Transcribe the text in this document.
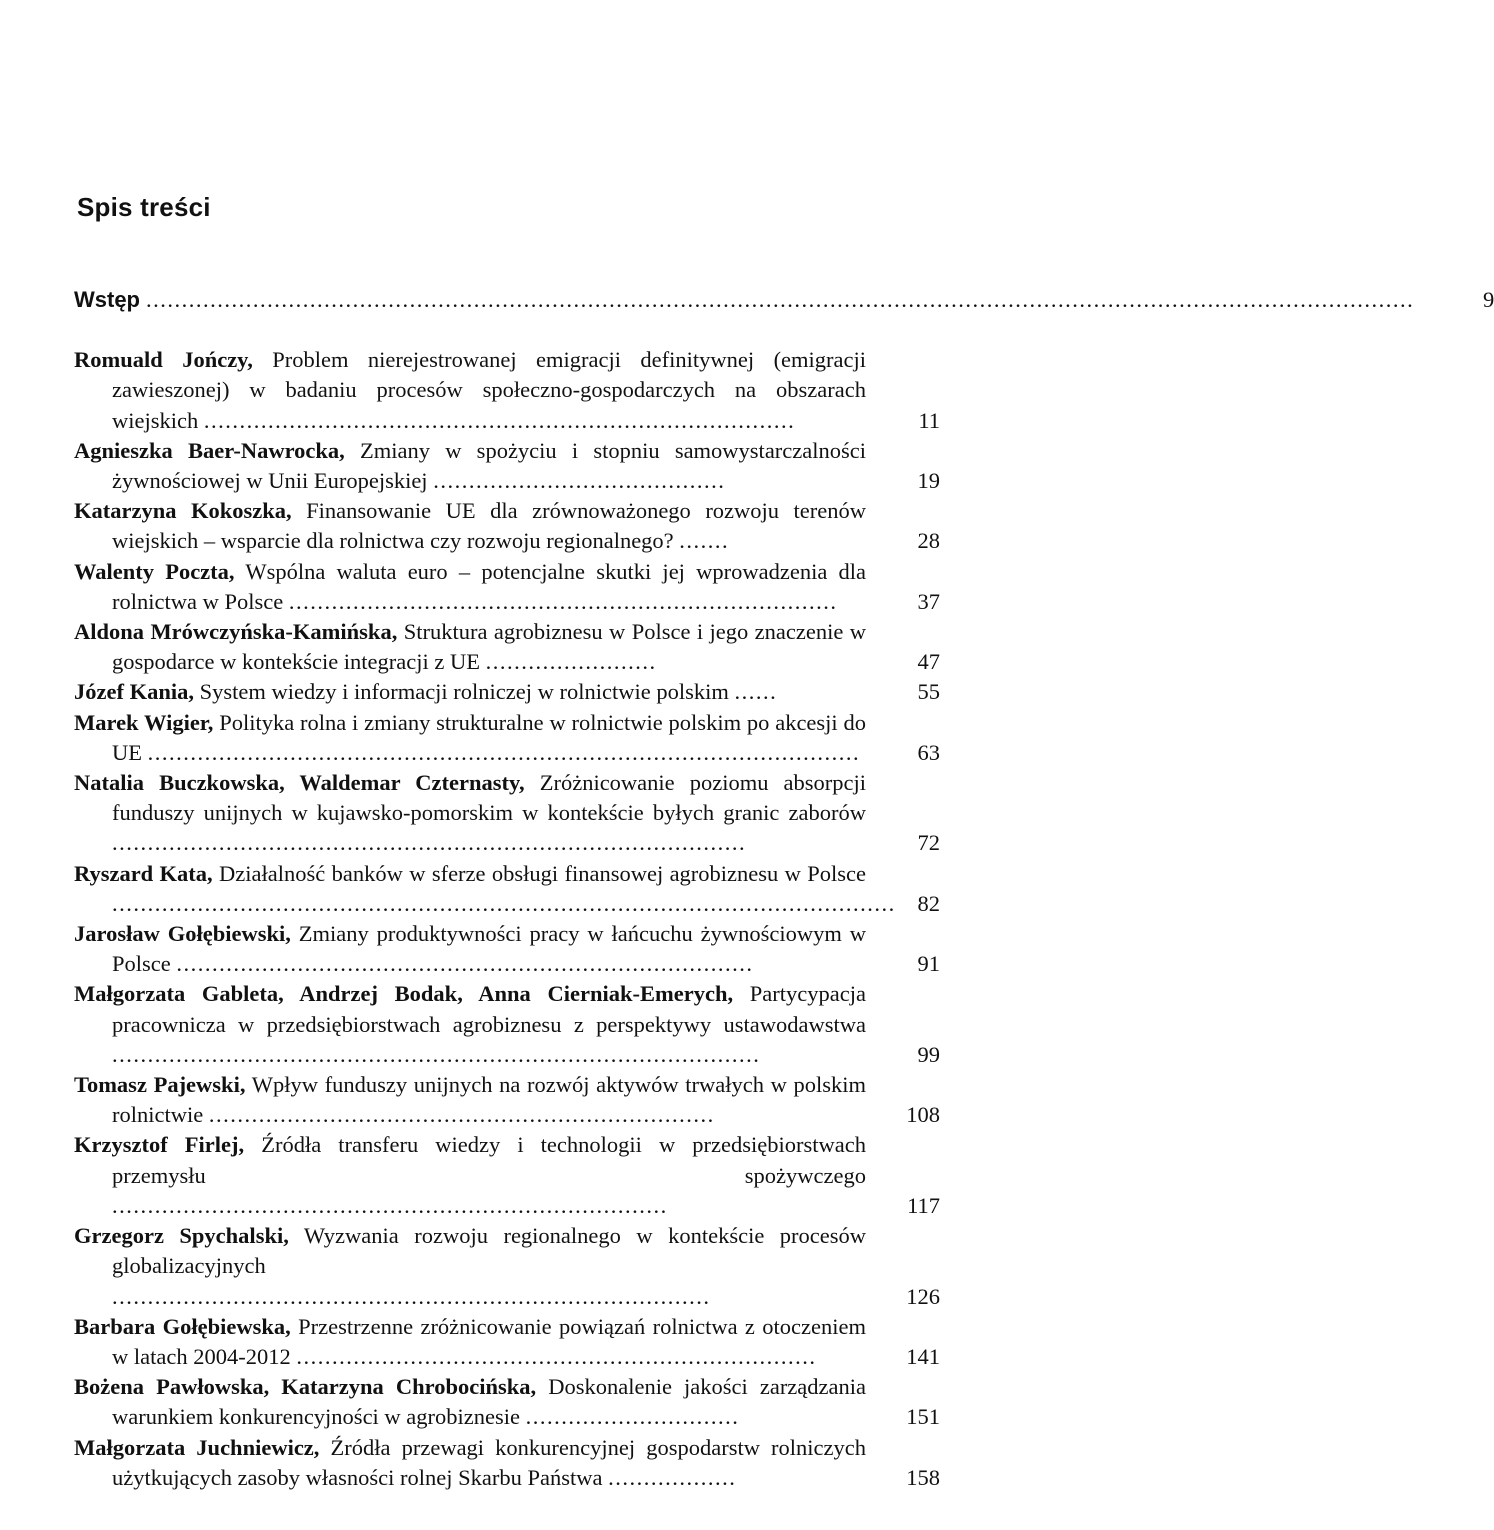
Spis treści
Wstęp ..................................................................................................................................................................................	9
Romuald Jończy, Problem nierejestrowanej emigracji definitywnej (emigracji zawieszonej) w badaniu procesów społeczno-gospodarczych na obszarach wiejskich ...................................................................................	11
Agnieszka Baer-Nawrocka, Zmiany w spożyciu i stopniu samowystarczalności żywnościowej w Unii Europejskiej .........................................	19
Katarzyna Kokoszka, Finansowanie UE dla zrównoważonego rozwoju terenów wiejskich – wsparcie dla rolnictwa czy rozwoju regionalnego? .......	28
Walenty Poczta, Wspólna waluta euro – potencjalne skutki jej wprowadzenia dla rolnictwa w Polsce .............................................................................	37
Aldona Mrówczyńska-Kamińska, Struktura agrobiznesu w Polsce i jego znaczenie w gospodarce w kontekście integracji z UE ........................	47
Józef Kania, System wiedzy i informacji rolniczej w rolnictwie polskim ......	55
Marek Wigier, Polityka rolna i zmiany strukturalne w rolnictwie polskim po akcesji do UE ....................................................................................................	63
Natalia Buczkowska, Waldemar Czternasty, Zróżnicowanie poziomu absorpcji funduszy unijnych w kujawsko-pomorskim w kontekście byłych granic zaborów .........................................................................................	72
Ryszard Kata, Działalność banków w sferze obsługi finansowej agrobiznesu w Polsce .............................................................................................................. 82
Jarosław Gołębiewski, Zmiany produktywności pracy w łańcuchu żywnościowym w Polsce .................................................................................	91
Małgorzata Gableta, Andrzej Bodak, Anna Cierniak-Emerych, Partycypacja pracownicza w przedsiębiorstwach agrobiznesu z perspektywy ustawodawstwa ...........................................................................................	99
Tomasz Pajewski, Wpływ funduszy unijnych na rozwój aktywów trwałych w polskim rolnictwie .......................................................................	108
Krzysztof Firlej, Źródła transferu wiedzy i technologii w przedsiębiorstwach przemysłu spożywczego ..............................................................................	117
Grzegorz Spychalski, Wyzwania rozwoju regionalnego w kontekście procesów globalizacyjnych ....................................................................................	126
Barbara Gołębiewska, Przestrzenne zróżnicowanie powiązań rolnictwa z otoczeniem w latach 2004-2012 .........................................................................	141
Bożena Pawłowska, Katarzyna Chrobocińska, Doskonalenie jakości zarządzania warunkiem konkurencyjności w agrobiznesie ..............................	151
Małgorzata Juchniewicz, Źródła przewagi konkurencyjnej gospodarstw rolniczych użytkujących zasoby własności rolnej Skarbu Państwa ..................	158
